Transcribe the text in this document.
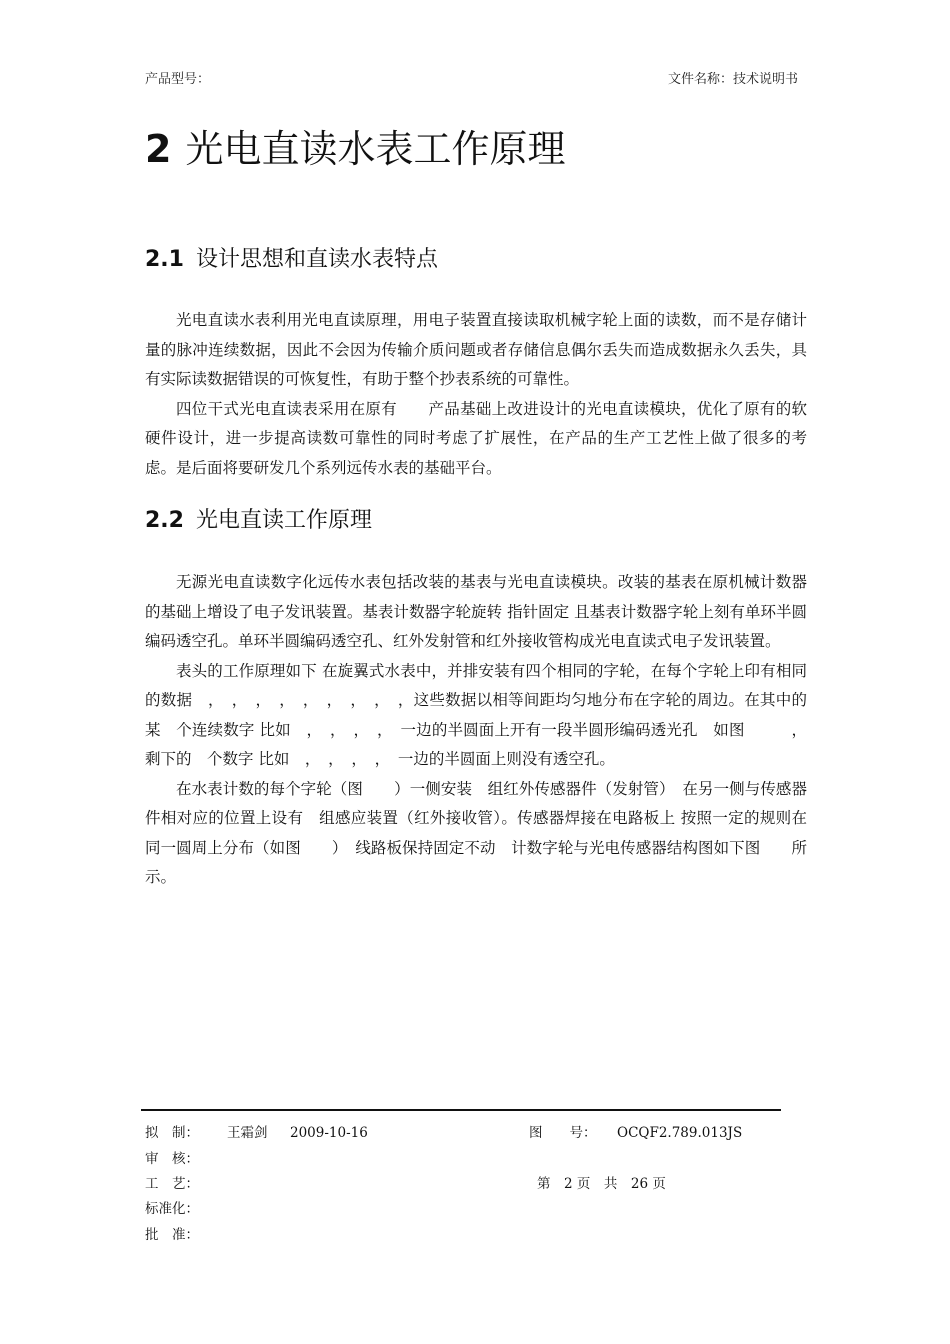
产品型号：	文件名称：技术说明书
2 光电直读水表工作原理
2.1 设计思想和直读水表特点

光电直读水表利用光电直读原理，用电子装置直接读取机械字轮上面的读数，而不是存储计量的脉冲连续数据，因此不会因为传输介质问题或者存储信息偶尔丢失而造成数据永久丢失，具有实际读数据错误的可恢复性，有助于整个抄表系统的可靠性。

四位干式光电直读表采用在原有　　产品基础上改进设计的光电直读模块，优化了原有的软硬件设计，进一步提高读数可靠性的同时考虑了扩展性，在产品的生产工艺性上做了很多的考虑。是后面将要研发几个系列远传水表的基础平台。

2.2 光电直读工作原理

无源光电直读数字化远传水表包括改装的基表与光电直读模块。改装的基表在原机械计数器的基础上增设了电子发讯装置。基表计数器字轮旋转 指针固定 且基表计数器字轮上刻有单环半圆编码透空孔。单环半圆编码透空孔、红外发射管和红外接收管构成光电直读式电子发讯装置。

表头的工作原理如下 在旋翼式水表中，并排安装有四个相同的字轮，在每个字轮上印有相同的数据　，　，　，　，　，　，　，　，　，这些数据以相等间距均匀地分布在字轮的周边。在其中的某　个连续数字 比如　，　，　，　，　一边的半圆面上开有一段半圆形编码透光孔　如图　　　，剩下的　个数字 比如　，　，　，　，　一边的半圆面上则没有透空孔。

在水表计数的每个字轮（图　　）一侧安装　组红外传感器件（发射管）　在另一侧与传感器件相对应的位置上设有　组感应装置（红外接收管）。传感器焊接在电路板上 按照一定的规则在同一圆周上分布（如图　　）　线路板保持固定不动　计数字轮与光电传感器结构图如下图　　所示。

拟　制： 王霜剑 2009-10-16	图　　号： OCQF2.789.013JS
审　核：
工　艺：	第　2 页　共　26 页
标准化：
批　准：
